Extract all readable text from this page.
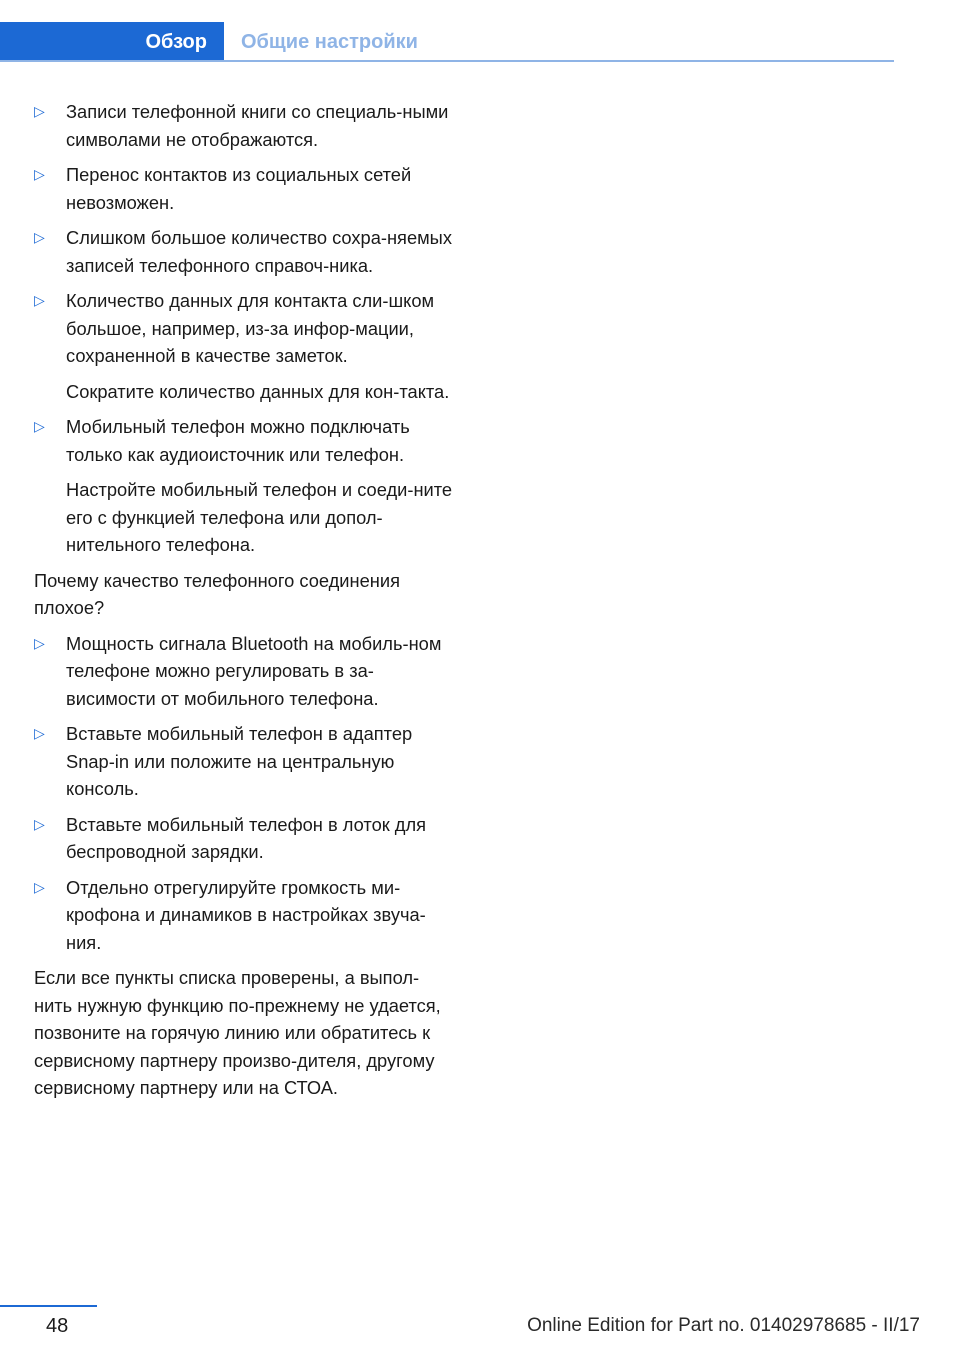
Обзор Общие настройки
▷ Записи телефонной книги со специаль-ными символами не отображаются.

▷ Перенос контактов из социальных сетей невозможен.

▷ Слишком большое количество сохра-няемых записей телефонного справоч-ника.

▷ Количество данных для контакта сли-шком большое, например, из-за инфор-мации, сохраненной в качестве заметок.

Сократите количество данных для кон-такта.

▷ Мобильный телефон можно подключать только как аудиоисточник или телефон.

Настройте мобильный телефон и соеди-ните его с функцией телефона или допол-нительного телефона.

Почему качество телефонного соединения плохое?

▷ Мощность сигнала Bluetooth на мобиль-ном телефоне можно регулировать в за-висимости от мобильного телефона.

▷ Вставьте мобильный телефон в адаптер Snap-in или положите на центральную консоль.

▷ Вставьте мобильный телефон в лоток для беспроводной зарядки.

▷ Отдельно отрегулируйте громкость ми-крофона и динамиков в настройках звуча-ния.

Если все пункты списка проверены, а выпол-нить нужную функцию по-прежнему не удается, позвоните на горячую линию или обратитесь к сервисному партнеру произво-дителя, другому сервисному партнеру или на СТОА.

48	Online Edition for Part no. 01402978685 - II/17
